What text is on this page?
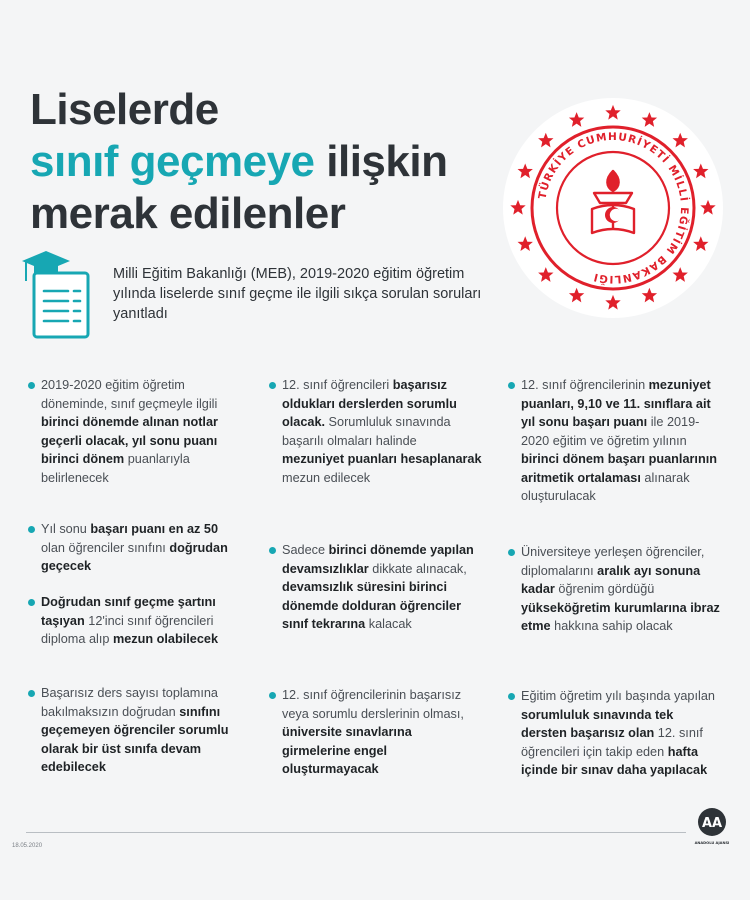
Liselerde
sınıf geçmeye ilişkin
merak edilenler	TÜRKİYE CUMHURİYETİ MİLLİ EĞİTİM BAKANLIĞI

Milli Eğitim Bakanlığı (MEB), 2019-2020 eğitim öğretim yılında liselerde sınıf geçme ile ilgili sıkça sorulan soruları yanıtladı

2019-2020 eğitim öğretim döneminde, sınıf geçmeyle ilgili birinci dönemde alınan notlar geçerli olacak, yıl sonu puanı birinci dönem puanlarıyla belirlenecek
Yıl sonu başarı puanı en az 50 olan öğrenciler sınıfını doğrudan geçecek
Doğrudan sınıf geçme şartını taşıyan 12'inci sınıf öğrencileri diploma alıp mezun olabilecek
Başarısız ders sayısı toplamına bakılmaksızın doğrudan sınıfını geçemeyen öğrenciler sorumlu olarak bir üst sınıfa devam edebilecek
12. sınıf öğrencileri başarısız oldukları derslerden sorumlu olacak. Sorumluluk sınavında başarılı olmaları halinde mezuniyet puanları hesaplanarak mezun edilecek
Sadece birinci dönemde yapılan devamsızlıklar dikkate alınacak, devamsızlık süresini birinci dönemde dolduran öğrenciler sınıf tekrarına kalacak
12. sınıf öğrencilerinin başarısız veya sorumlu derslerinin olması, üniversite sınavlarına girmelerine engel oluşturmayacak
12. sınıf öğrencilerinin mezuniyet puanları, 9,10 ve 11. sınıflara ait yıl sonu başarı puanı ile 2019-2020 eğitim ve öğretim yılının birinci dönem başarı puanlarının aritmetik ortalaması alınarak oluşturulacak
Üniversiteye yerleşen öğrenciler, diplomalarını aralık ayı sonuna kadar öğrenim gördüğü yükseköğretim kurumlarına ibraz etme hakkına sahip olacak
Eğitim öğretim yılı başında yapılan sorumluluk sınavında tek dersten başarısız olan 12. sınıf öğrencileri için takip eden hafta içinde bir sınav daha yapılacak
18.05.2020
AA
ANADOLU AJANSI
